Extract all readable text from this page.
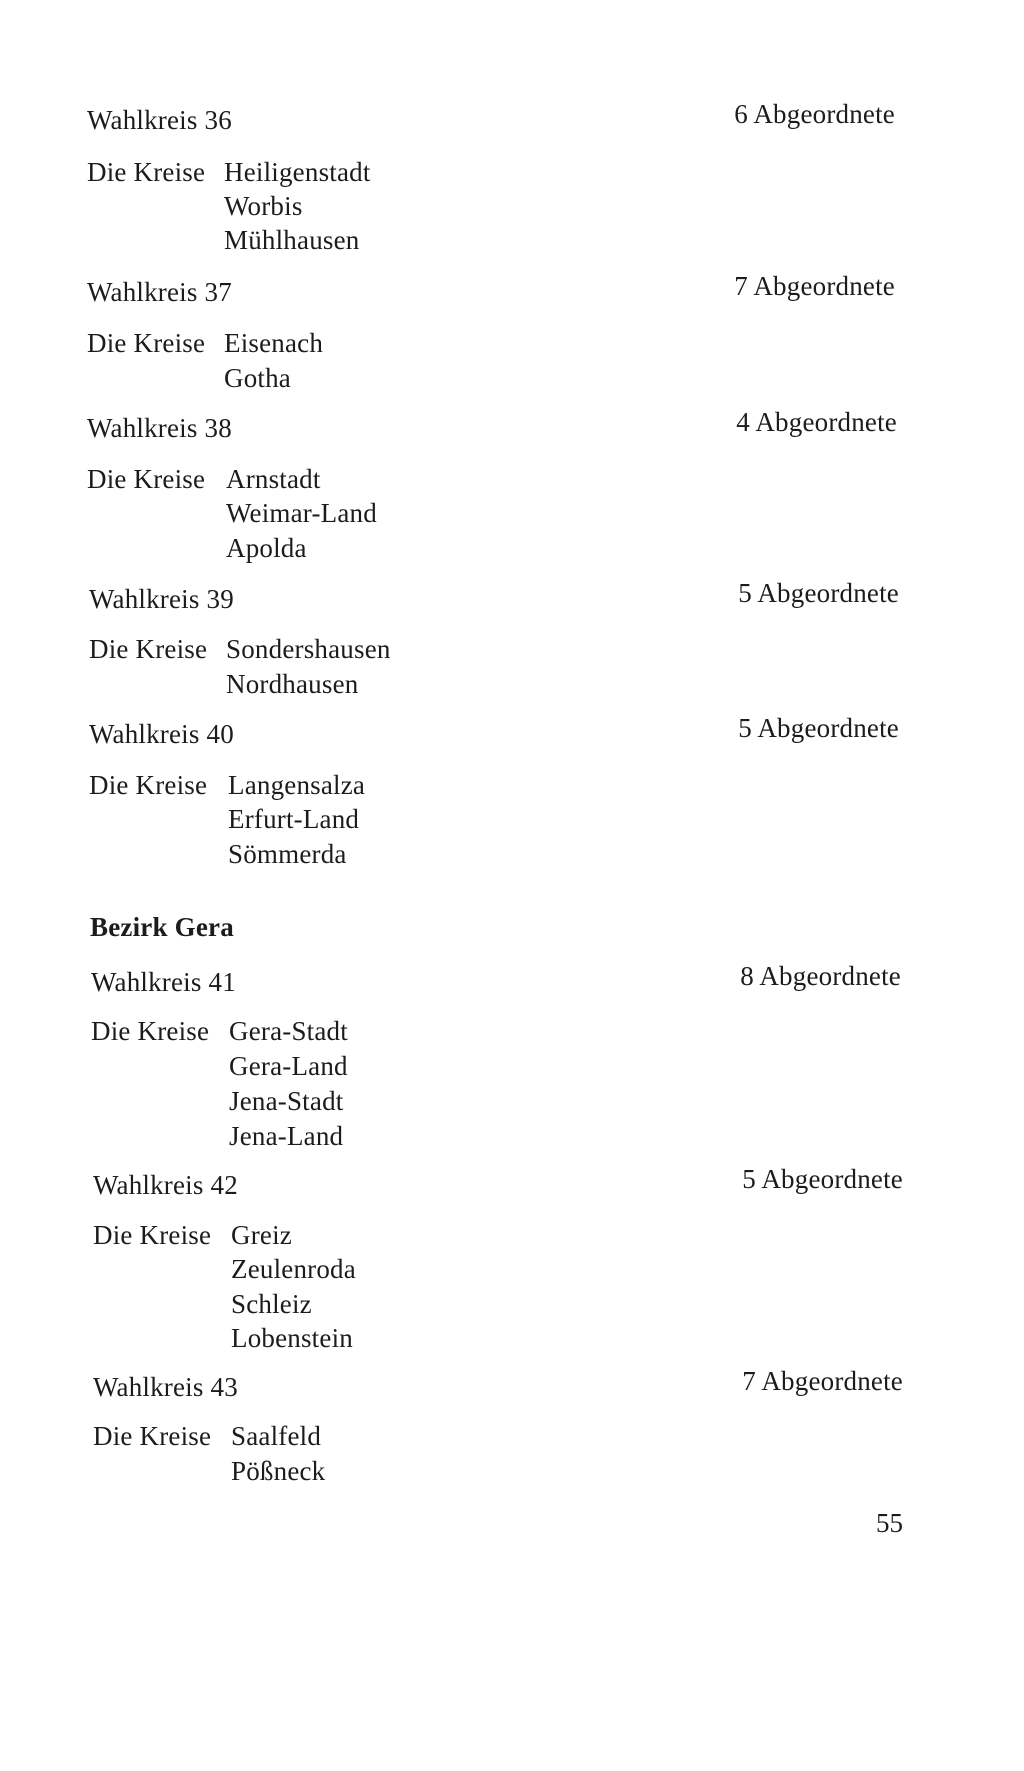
Wahlkreis 36	6 Abgeordnete
Die Kreise Heiligenstadt
Worbis
Mühlhausen
Wahlkreis 37	7 Abgeordnete
Die Kreise Eisenach
Gotha
Wahlkreis 38	4 Abgeordnete
Die Kreise Arnstadt
Weimar-Land
Apolda
Wahlkreis 39	5 Abgeordnete
Die Kreise Sondershausen
Nordhausen
Wahlkreis 40	5 Abgeordnete
Die Kreise Langensalza
Erfurt-Land
Sömmerda
Bezirk Gera
Wahlkreis 41	8 Abgeordnete
Die Kreise Gera-Stadt
Gera-Land
Jena-Stadt
Jena-Land
Wahlkreis 42	5 Abgeordnete
Die Kreise Greiz
Zeulenroda
Schleiz
Lobenstein
Wahlkreis 43	7 Abgeordnete
Die Kreise Saalfeld
Pößneck
55
